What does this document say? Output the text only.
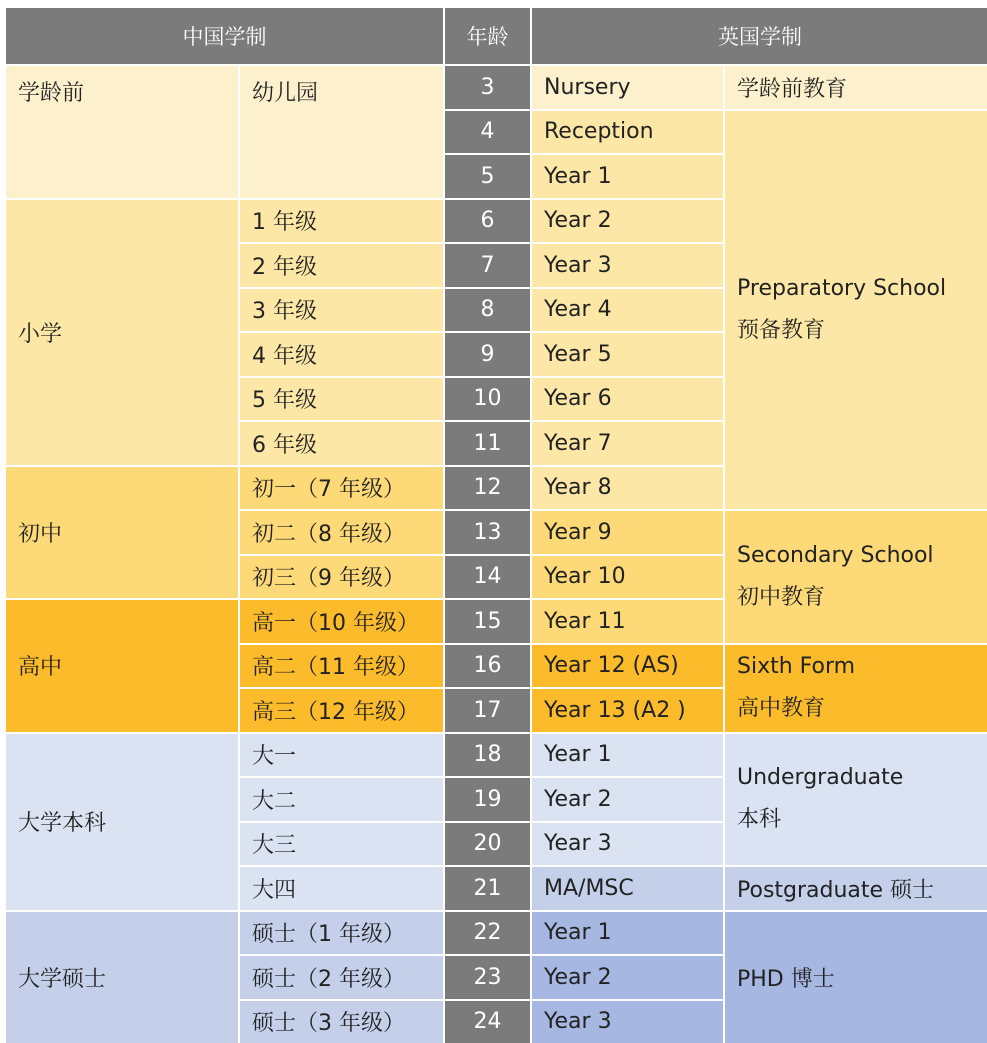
中国学制	年龄	英国学制
学龄前
小学
初中
高中
大学本科
大学硕士
幼儿园
1 年级
2 年级
3 年级
4 年级
5 年级
6 年级
初一（7 年级）
初二（8 年级）
初三（9 年级）
高一（10 年级）
高二（11 年级）
高三（12 年级）
大一
大二
大三
大四
硕士（1 年级）
硕士（2 年级）
硕士（3 年级）
3
4
5
6
7
8
9
10
11
12
13
14
15
16
17
18
19
20
21
22
23
24
Nursery
Reception
Year 1
Year 2
Year 3
Year 4
Year 5
Year 6
Year 7
Year 8
Year 9
Year 10
Year 11
Year 12 (AS)
Year 13 (A2 )
Year 1
Year 2
Year 3
MA/MSC
Year 1
Year 2
Year 3
学龄前教育
Preparatory School
预备教育
Secondary School
初中教育
Sixth Form
高中教育
Undergraduate
本科
Postgraduate 硕士
PHD 博士
